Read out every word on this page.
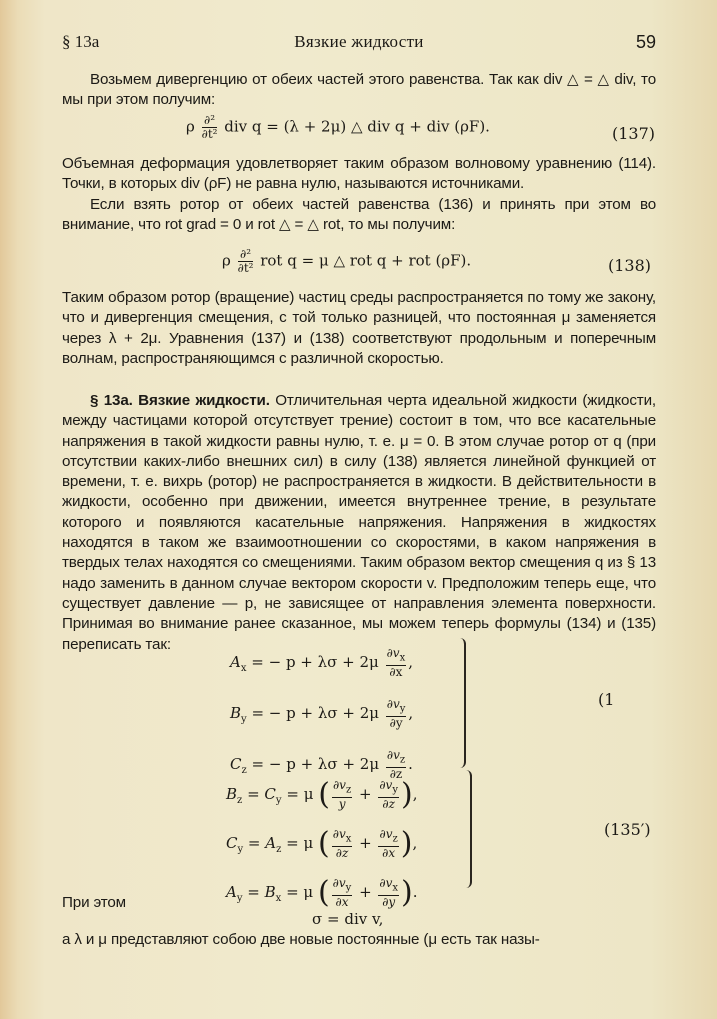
§ 13a	Вязкие жидкости	59

Возьмем дивергенцию от обеих частей этого равенства. Так как div △ = △ div, то мы при этом получим:

ρ $\frac{\text{∂²}}{\text{∂t²}}$ div q = (λ + 2μ) △ div q + div (ρF).	(137)

Объемная деформация удовлетворяет таким образом волновому уравнению (114). Точки, в которых div (ρF) не равна нулю, называются источниками.

Если взять ротор от обеих частей равенства (136) и принять при этом во внимание, что rot grad = 0 и rot △ = △ rot, то мы получим:

ρ $\frac{\text{∂²}}{\text{∂t²}}$ rot q = μ △ rot q + rot (ρF).	(138)

Таким образом ротор (вращение) частиц среды распространяется по тому же закону, что и дивергенция смещения, с той только разницей, что постоянная μ заменяется через λ + 2μ. Уравнения (137) и (138) соответствуют продольным и поперечным волнам, распространяющимся с различной скоростью.

§ 13a. Вязкие жидкости. Отличительная черта идеальной жидкости (жидкости, между частицами которой отсутствует трение) состоит в том, что все касательные напряжения в такой жидкости равны нулю, т. е. μ = 0. В этом случае ротор от q (при отсутствии каких-либо внешних сил) в силу (138) является линейной функцией от времени, т. е. вихрь (ротор) не распространяется в жидкости. В действительности в жидкости, особенно при движении, имеется внутреннее трение, в результате которого и появляются касательные напряжения. Напряжения в жидкостях находятся в таком же взаимоотношении со скоростями, в каком напряжения в твердых телах находятся со смещениями. Таким образом вектор смещения q из § 13 надо заменить в данном случае вектором скорости v. Предположим теперь еще, что существует давление — p, не зависящее от направления элемента поверхности. Принимая во внимание ранее сказанное, мы можем теперь формулы (134) и (135) переписать так:

$A_x$ = − $p + \lambda\sigma + 2\mu \frac{\partial v_x}{\partial x}$ ,
$B_y$ = − $p + \lambda\sigma + 2\mu \frac{\partial v_y}{\partial y}$ ,
$C_z$ = − $p + \lambda\sigma + 2\mu \frac{\partial v_z}{\partial z}$ .
(1
$B_z = C_y = \mu$ ( $\frac{\partial v_z}{y} + \frac{\partial v_y}{\partial z}$ ),
$C_y = A_z = \mu$ ( $\frac{\partial v_x}{\partial z} + \frac{\partial v_z}{\partial x}$ ),
$A_y = B_x = \mu$ ( $\frac{\partial v_y}{\partial x} + \frac{\partial v_x}{\partial y}$ ).
(135′)

При этом

σ = div v,

а λ и μ представляют собою две новые постоянные (μ есть так назы-
